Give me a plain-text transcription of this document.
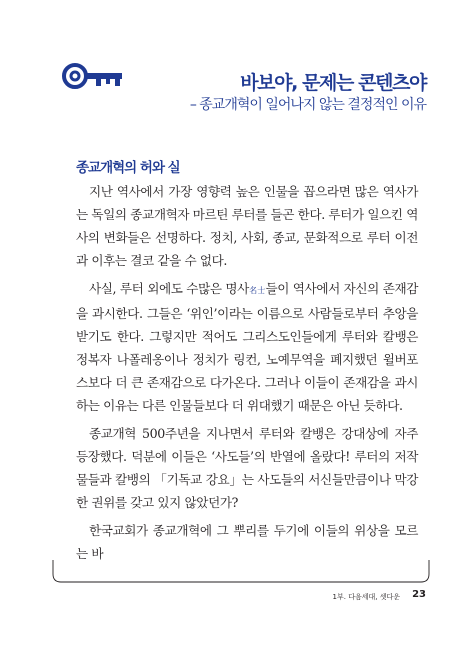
바보야, 문제는 콘텐츠야
– 종교개혁이 일어나지 않는 결정적인 이유
종교개혁의 허와 실

지난 역사에서 가장 영향력 높은 인물을 꼽으라면 많은 역사가는 독일의 종교개혁자 마르틴 루터를 들곤 한다. 루터가 일으킨 역사의 변화들은 선명하다. 정치, 사회, 종교, 문화적으로 루터 이전과 이후는 결코 같을 수 없다.

사실, 루터 외에도 수많은 명사名士들이 역사에서 자신의 존재감을 과시한다. 그들은 ‘위인’이라는 이름으로 사람들로부터 추앙을 받기도 한다. 그렇지만 적어도 그리스도인들에게 루터와 칼뱅은 정복자 나폴레옹이나 정치가 링컨, 노예무역을 폐지했던 윌버포스보다 더 큰 존재감으로 다가온다. 그러나 이들이 존재감을 과시하는 이유는 다른 인물들보다 더 위대했기 때문은 아닌 듯하다.

종교개혁 500주년을 지나면서 루터와 칼뱅은 강대상에 자주 등장했다. 덕분에 이들은 ‘사도들’의 반열에 올랐다! 루터의 저작물들과 칼뱅의 「기독교 강요」는 사도들의 서신들만큼이나 막강한 권위를 갖고 있지 않았던가?

한국교회가 종교개혁에 그 뿌리를 두기에 이들의 위상을 모르는 바

1부. 다음세대, 셋다운 23
